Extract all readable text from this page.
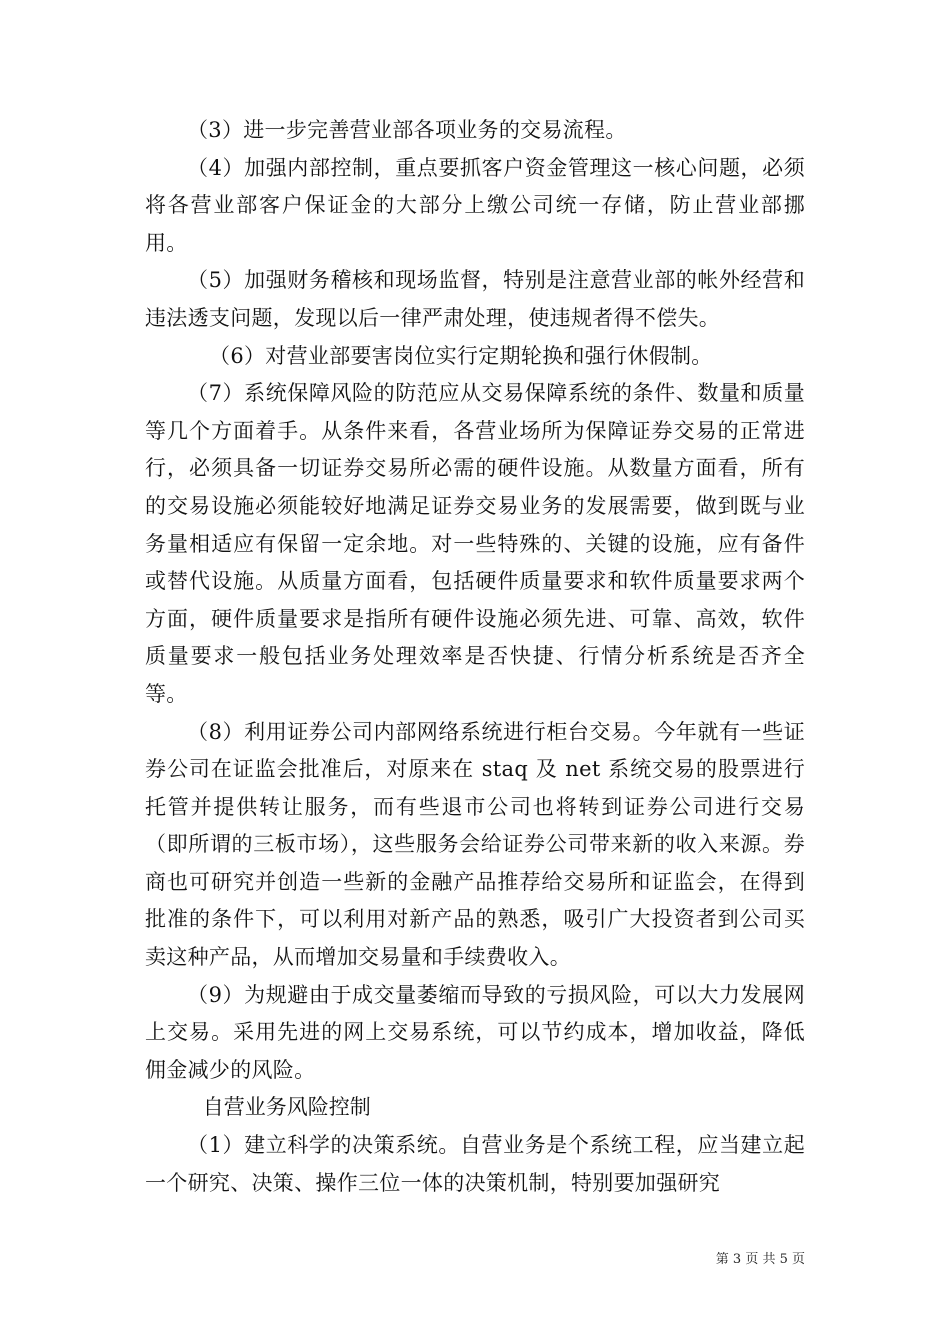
（3）进一步完善营业部各项业务的交易流程。

（4）加强内部控制，重点要抓客户资金管理这一核心问题，必须将各营业部客户保证金的大部分上缴公司统一存储，防止营业部挪用。

（5）加强财务稽核和现场监督，特别是注意营业部的帐外经营和违法透支问题，发现以后一律严肃处理，使违规者得不偿失。

（6）对营业部要害岗位实行定期轮换和强行休假制。

（7）系统保障风险的防范应从交易保障系统的条件、数量和质量等几个方面着手。从条件来看，各营业场所为保障证券交易的正常进行，必须具备一切证券交易所必需的硬件设施。从数量方面看，所有的交易设施必须能较好地满足证券交易业务的发展需要，做到既与业务量相适应有保留一定余地。对一些特殊的、关键的设施，应有备件或替代设施。从质量方面看，包括硬件质量要求和软件质量要求两个方面，硬件质量要求是指所有硬件设施必须先进、可靠、高效，软件质量要求一般包括业务处理效率是否快捷、行情分析系统是否齐全等。

（8）利用证券公司内部网络系统进行柜台交易。今年就有一些证券公司在证监会批准后，对原来在 staq 及 net 系统交易的股票进行托管并提供转让服务，而有些退市公司也将转到证券公司进行交易（即所谓的三板市场），这些服务会给证券公司带来新的收入来源。券商也可研究并创造一些新的金融产品推荐给交易所和证监会，在得到批准的条件下，可以利用对新产品的熟悉，吸引广大投资者到公司买卖这种产品，从而增加交易量和手续费收入。

（9）为规避由于成交量萎缩而导致的亏损风险，可以大力发展网上交易。采用先进的网上交易系统，可以节约成本，增加收益，降低佣金减少的风险。

自营业务风险控制

（1）建立科学的决策系统。自营业务是个系统工程，应当建立起一个研究、决策、操作三位一体的决策机制，特别要加强研究

第 3 页 共 5 页
